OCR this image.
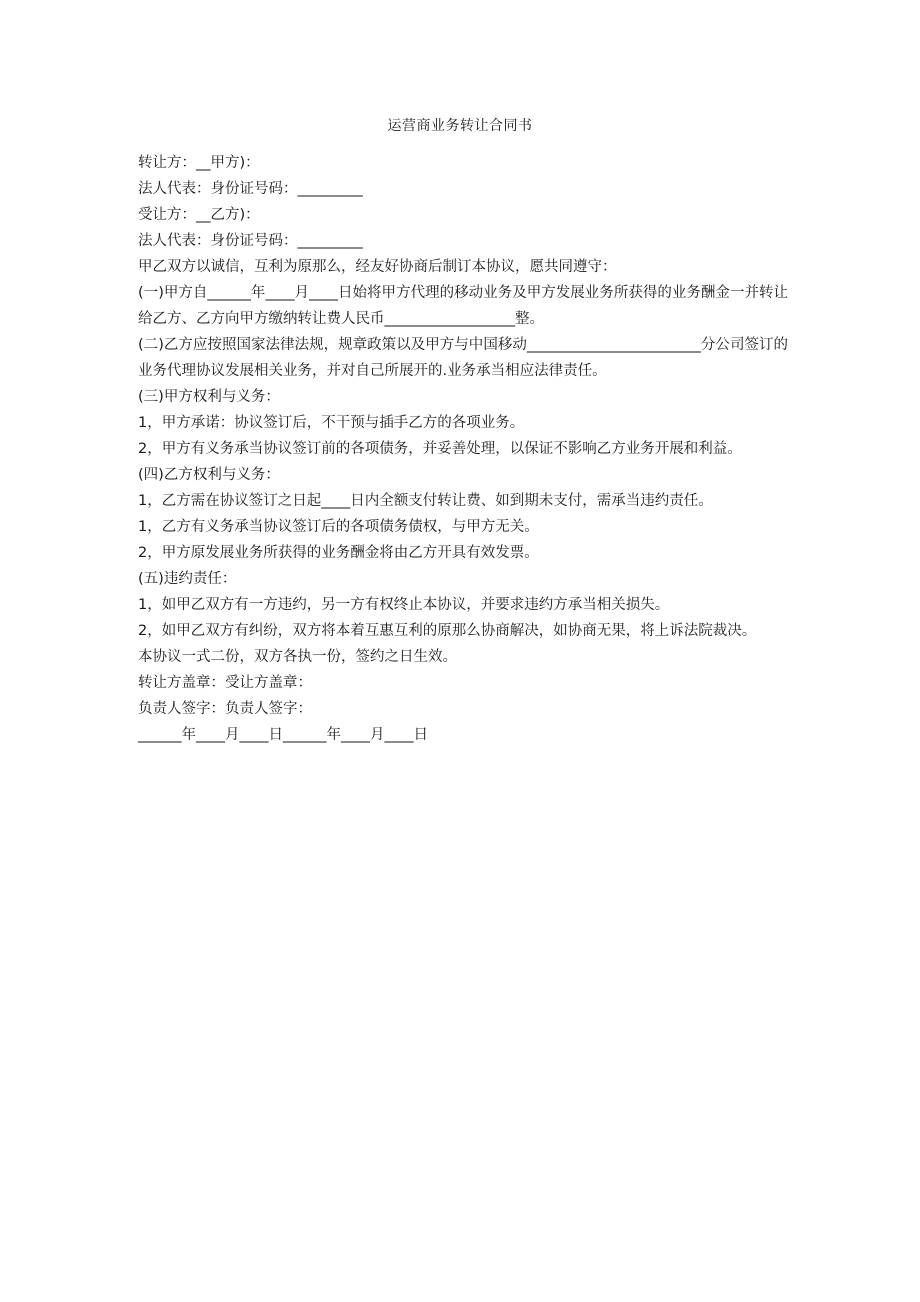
运营商业务转让合同书

转让方：__甲方)：

法人代表：身份证号码：_________

受让方：__乙方)：

法人代表：身份证号码：_________

甲乙双方以诚信，互利为原那么，经友好协商后制订本协议，愿共同遵守：

(一)甲方自______年____月____日始将甲方代理的移动业务及甲方发展业务所获得的业务酬金一并转让给乙方、乙方向甲方缴纳转让费人民币__________________整。

(二)乙方应按照国家法律法规，规章政策以及甲方与中国移动________________________分公司签订的业务代理协议发展相关业务，并对自己所展开的.业务承当相应法律责任。

(三)甲方权利与义务：

1，甲方承诺：协议签订后，不干预与插手乙方的各项业务。

2，甲方有义务承当协议签订前的各项债务，并妥善处理，以保证不影响乙方业务开展和利益。

(四)乙方权利与义务：

1，乙方需在协议签订之日起____日内全额支付转让费、如到期未支付，需承当违约责任。

1，乙方有义务承当协议签订后的各项债务债权，与甲方无关。

2，甲方原发展业务所获得的业务酬金将由乙方开具有效发票。

(五)违约责任：

1，如甲乙双方有一方违约，另一方有权终止本协议，并要求违约方承当相关损失。

2，如甲乙双方有纠纷，双方将本着互惠互利的原那么协商解决，如协商无果，将上诉法院裁决。

本协议一式二份，双方各执一份，签约之日生效。

转让方盖章：受让方盖章：

负责人签字：负责人签字：

______年____月____日______年____月____日
